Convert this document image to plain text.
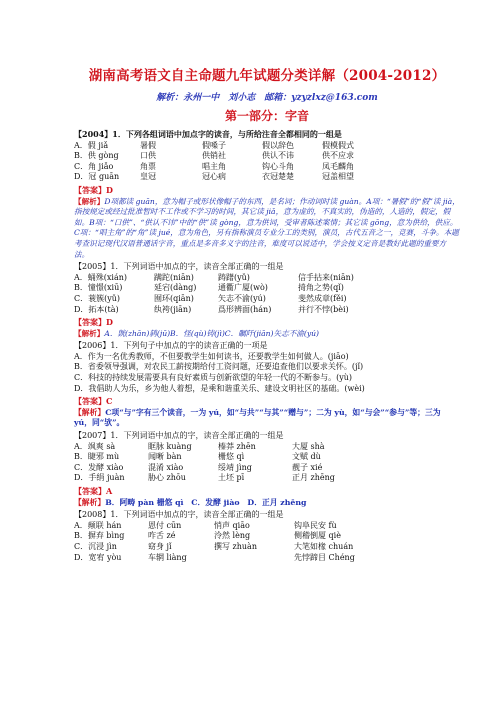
湖南高考语文自主命题九年试题分类详解（2004-2012）
解析：永州一中　刘小志　邮箱：yzyzlxz@163.com
第一部分：字音

【2004】1．下列各组词语中加点字的读音，与所给注音全都相同的一组是

A．假 jiǎ	暑假	假嗓子	假以辞色	假模假式
B．供 gòng	口供	供销社	供认不讳	供不应求
C．角 jiǎo	角票	唱主角	钩心斗角	凤毛麟角
D．冠 guān	皇冠	冠心病	衣冠楚楚	冠盖相望
【答案】D
【解析】D项都读 guān，意为帽子或形状像帽子的东西，是名词；作动词时读 guàn。A项：“暑假”的“假”读 jià，指按规定或经过批准暂时不工作或不学习的时间，其它读 jiǎ，意为虚的，不真实的，伪造的，人造的，假定，假如。B项：“口供”、“供认不讳”中的“供”读 gòng，意为供词，受审者陈述案情；其它读 gōng，意为供给，供应。C项：“唱主角”的“角”读 jué，意为角色，另有指称演员专业分工的类别，演员，古代五音之一，竞赛，斗争。本题考查识记现代汉语普通话字音，重点是多音多义字的注音，难度可以说适中，学会按义定音是教好此题的重要方法。

【2005】1．下列词语中加点的字，读音全部正确的一组是

A．蛹殊(xián)	蹒跎(niān)	踌躇(yǔ)	信手拈来(niān)
B．憧憬(xiū)	延宕(dàng)	通衢广厦(wò)	掎角之势(qǐ)
C．蓑簇(yǔ)	囿环(qiān)	矢志不渝(yú)	斐然成章(fěi)
D．拓本(tà)	纨袴(jiān)	爲形辨面(hán)	并行不悖(bèi)
【答案】D
【解析】A．皝(zhān)鸫(jū)B．怪(qù)铸(jì)C．瞩阡(jiān)矢志不渝(yú)

【2006】1．下列句子中加点的字的读音正确的一项是

A．作为一名优秀教师，不但要教学生如何读书，还要教学生如何做人。(jiāo)

B．省委领导强调，对农民工薪按期给付工资问题，还要追查他们以要求关怀。(jǐ)

C．科技的持续发展需要具有良好素质与创新欲望的年轻一代的不断参与。(yù)

D．我倡助人为乐，乡为他人着想，是乘和谐重关乐、建设文明社区的基础。(wèi)

【答案】C
【解析】C项“与”字有三个读音，一为 yú，如“与共”“与其”“赠与”；二为 yù，如“与会”“参与”等；三为 yú，同“欤”。

【2007】1．下列词语中加点的字，读音全部正确的一组是

A．飒爽 sà	眶脉 kuàng	榛莽 zhēn	大厦 shà
B．睫邪 mù	闻晰 bàn	栅悠 qì	文赋 dù
C．发酵 xiào	混淆 xiào	绥靖 jìng	靓子 xié
D．手绢 juàn	胁心 zhōu	土坯 pī	正月 zhēng
【答案】A
【解析】B．阿畴 pàn 栅悠 qì　C．发酵 jiào　D．正月 zhēng

【2008】1．下列词语中加点的字，读音全部正确的一组是

A．颠联 hán	恩付 cūn	悄声 qiāo	钩阜民安 fù
B．摒弃 bìng	咋舌 zé	泠然 lèng	侧稽倒厦 qiè
C．沉浸 jìn	窈身 jǐ	撰写 zhuàn	大笔如椽 chuán
D．宽宥 yòu	车辋 liàng	先悖蹄目 Chéng
